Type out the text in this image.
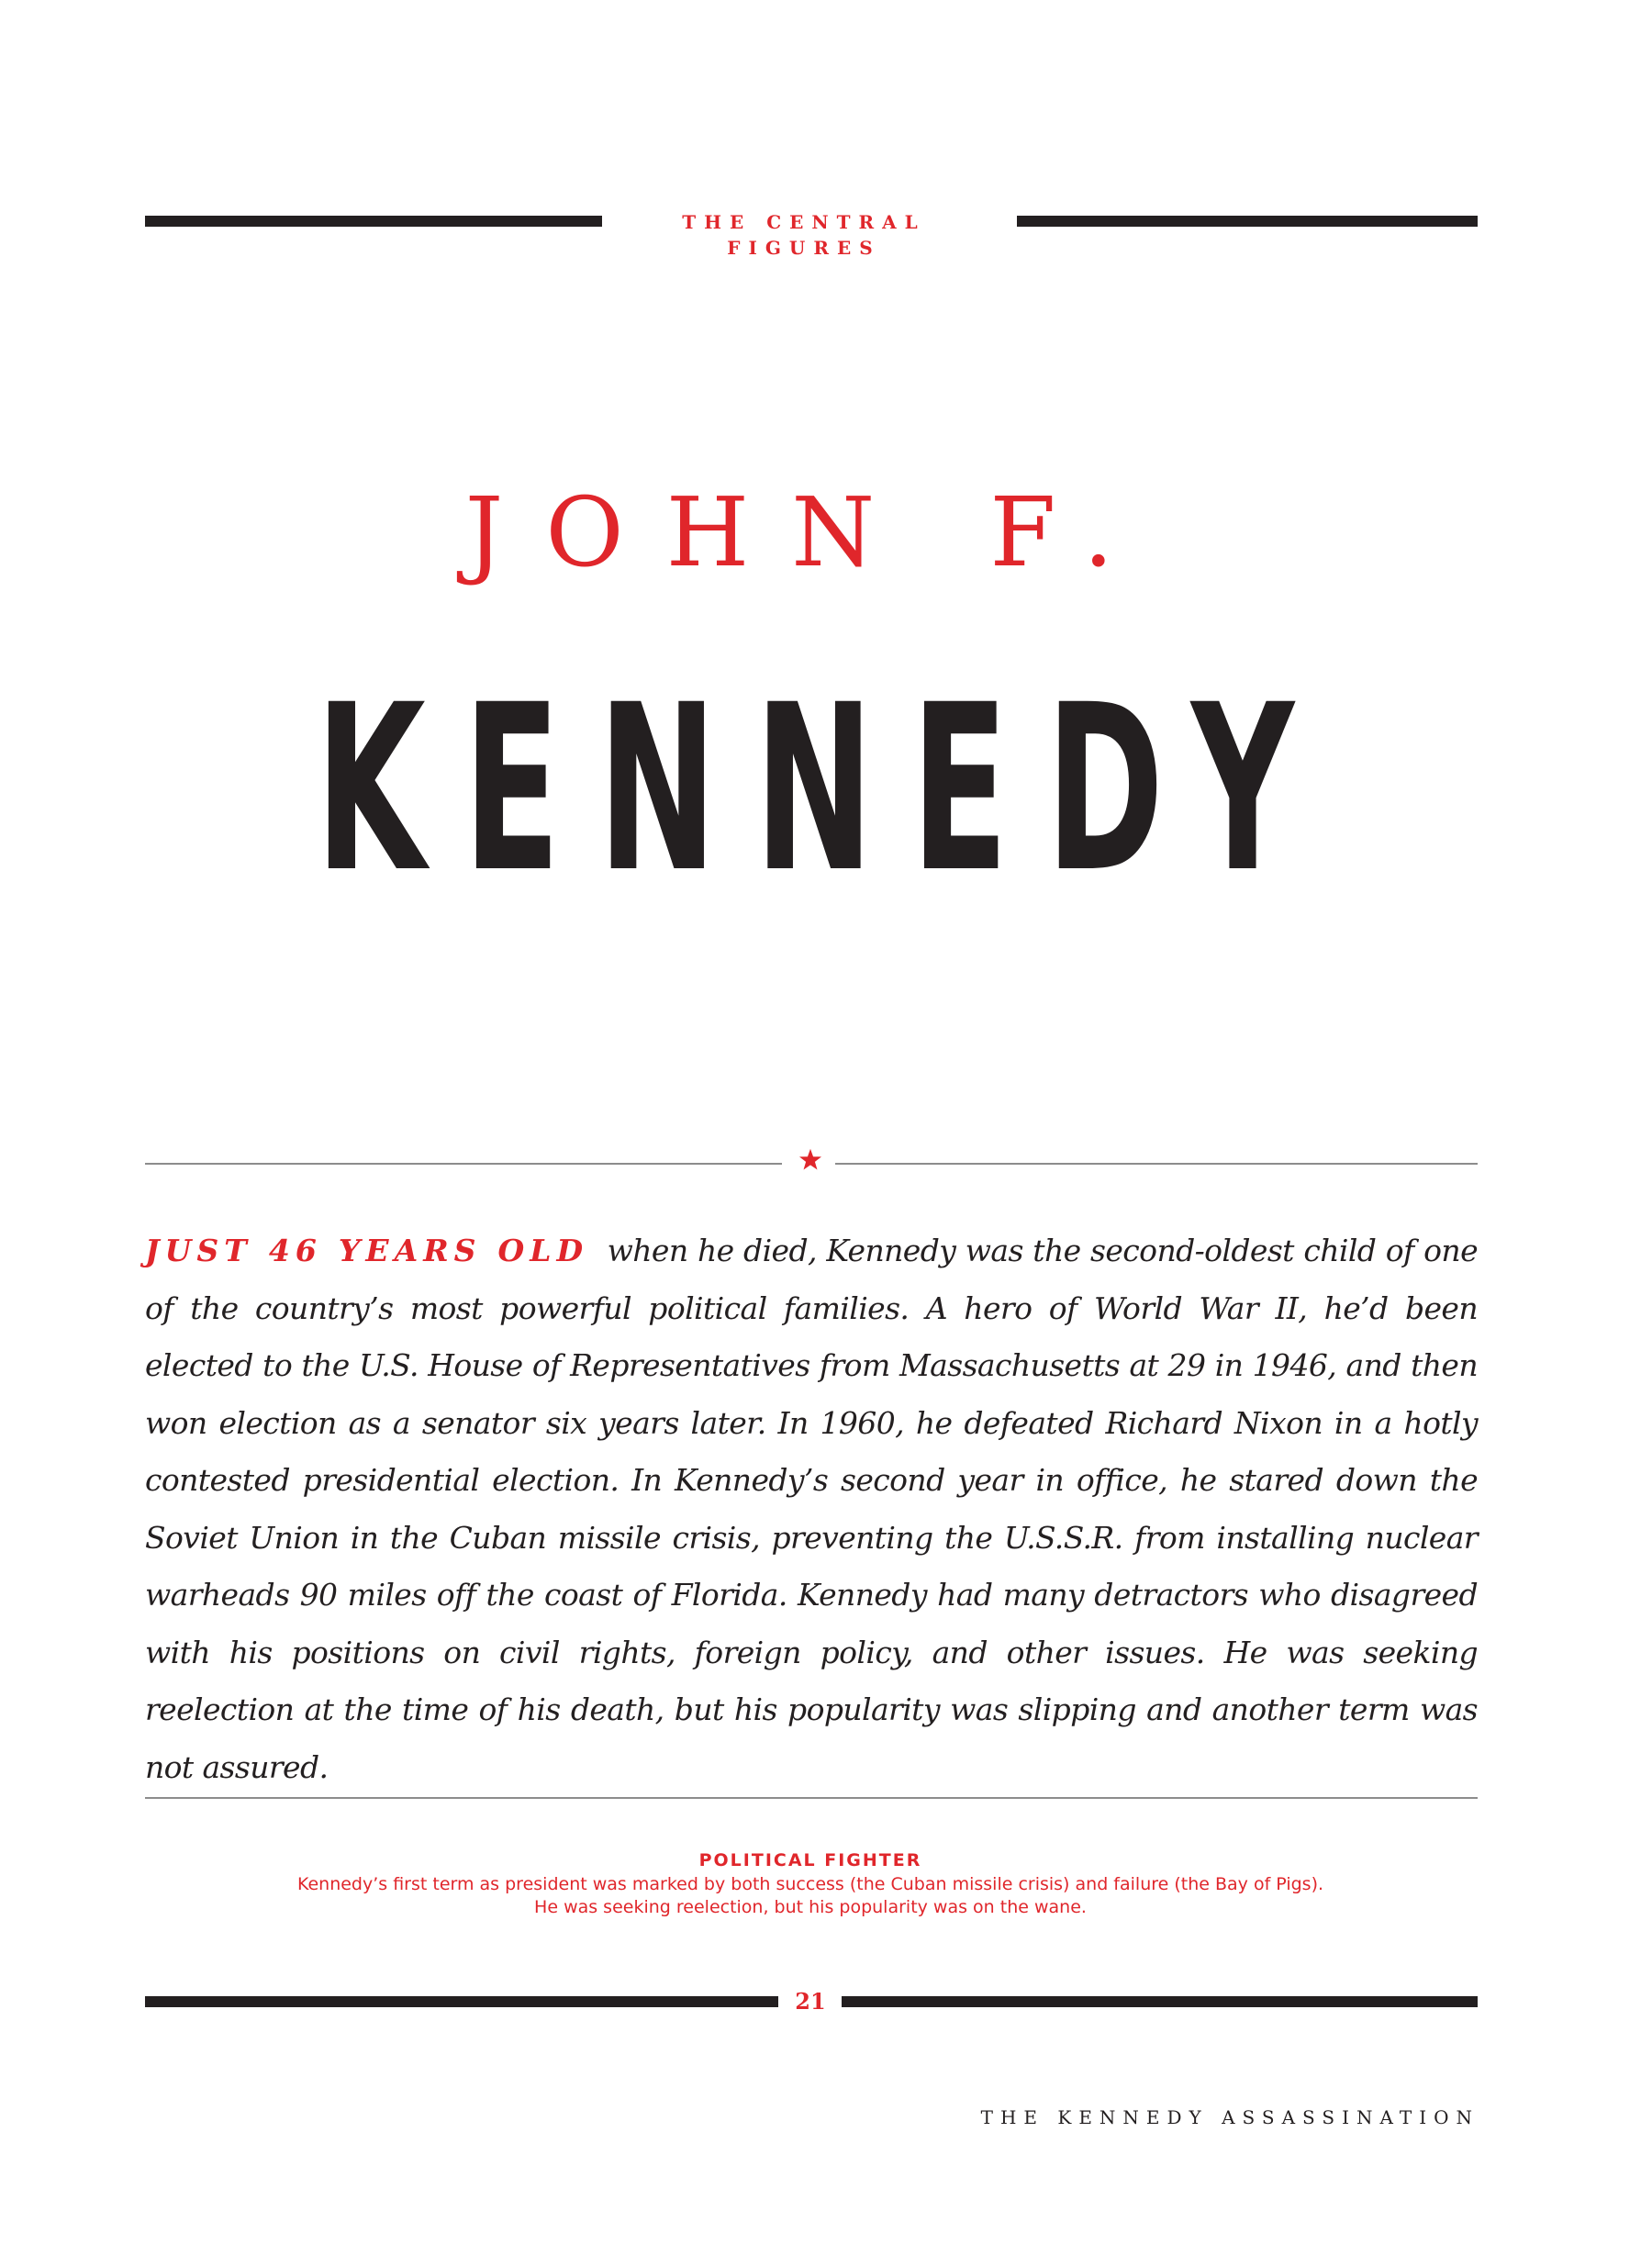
THE CENTRAL FIGURES
JOHN F.
KENNEDY
JUST 46 YEARS OLD when he died, Kennedy was the second-oldest child of one of the country’s most powerful political families. A hero of World War II, he’d been elected to the U.S. House of Representatives from Massachusetts at 29 in 1946, and then won election as a senator six years later. In 1960, he defeated Richard Nixon in a hotly contested presidential election. In Kennedy’s second year in office, he stared down the Soviet Union in the Cuban missile crisis, preventing the U.S.S.R. from installing nuclear warheads 90 miles off the coast of Florida. Kennedy had many detractors who disagreed with his positions on civil rights, foreign policy, and other issues. He was seeking reelection at the time of his death, but his popularity was slipping and another term was not assured.
POLITICAL FIGHTER
Kennedy’s first term as president was marked by both success (the Cuban missile crisis) and failure (the Bay of Pigs). He was seeking reelection, but his popularity was on the wane.
21
THE KENNEDY ASSASSINATION
